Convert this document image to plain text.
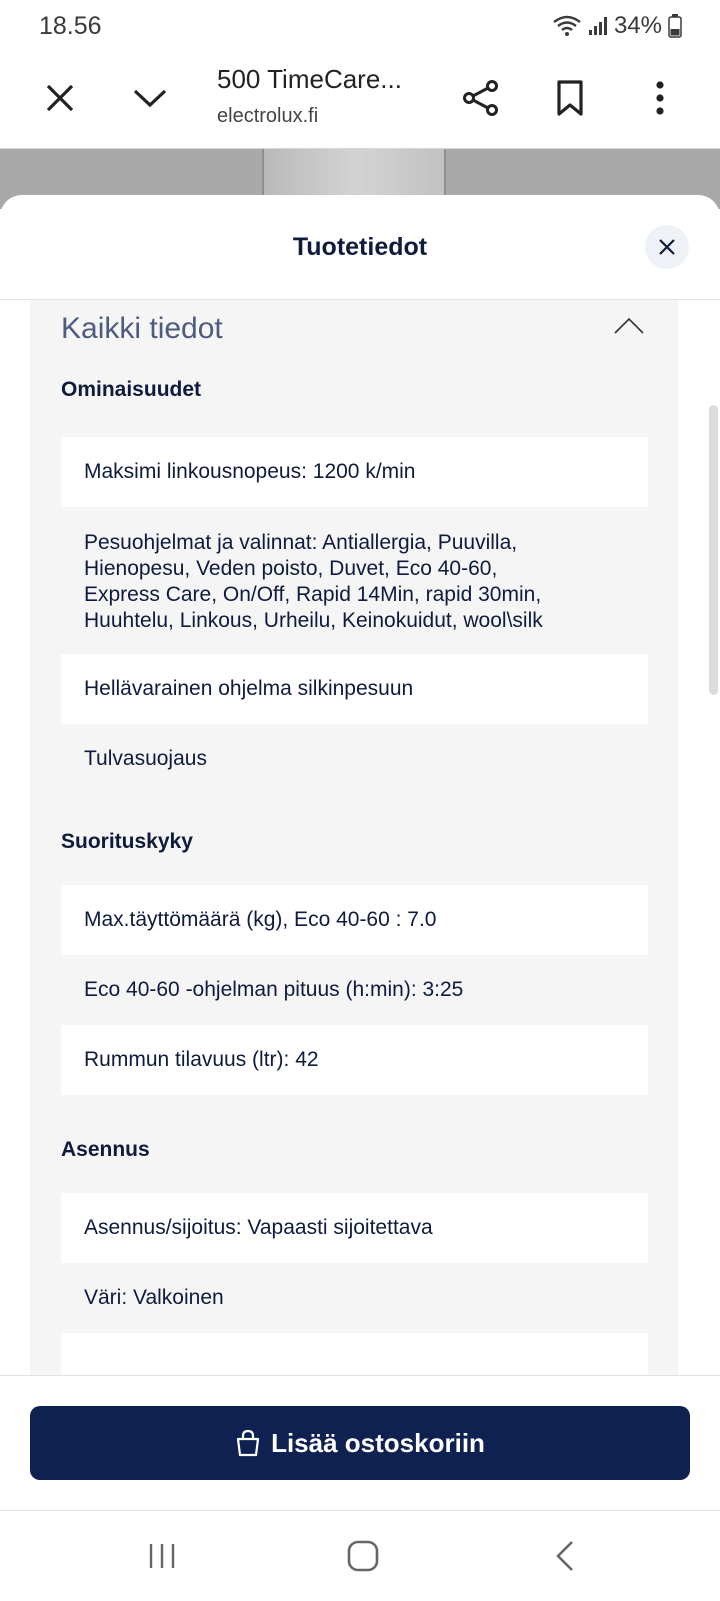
18.56	34%
500 TimeCare...
electrolux.fi
Tuotetiedot
Kaikki tiedot
Ominaisuudet
Maksimi linkousnopeus: 1200 k/min
Pesuohjelmat ja valinnat: Antiallergia, Puuvilla,
Hienopesu, Veden poisto, Duvet, Eco 40-60,
Express Care, On/Off, Rapid 14Min, rapid 30min,
Huuhtelu, Linkous, Urheilu, Keinokuidut, wool\silk
Hellävarainen ohjelma silkinpesuun
Tulvasuojaus
Suorituskyky
Max.täyttömäärä (kg), Eco 40-60 : 7.0
Eco 40-60 -ohjelman pituus (h:min): 3:25
Rummun tilavuus (ltr): 42
Asennus
Asennus/sijoitus: Vapaasti sijoitettava
Väri: Valkoinen
Lisää ostoskoriin
